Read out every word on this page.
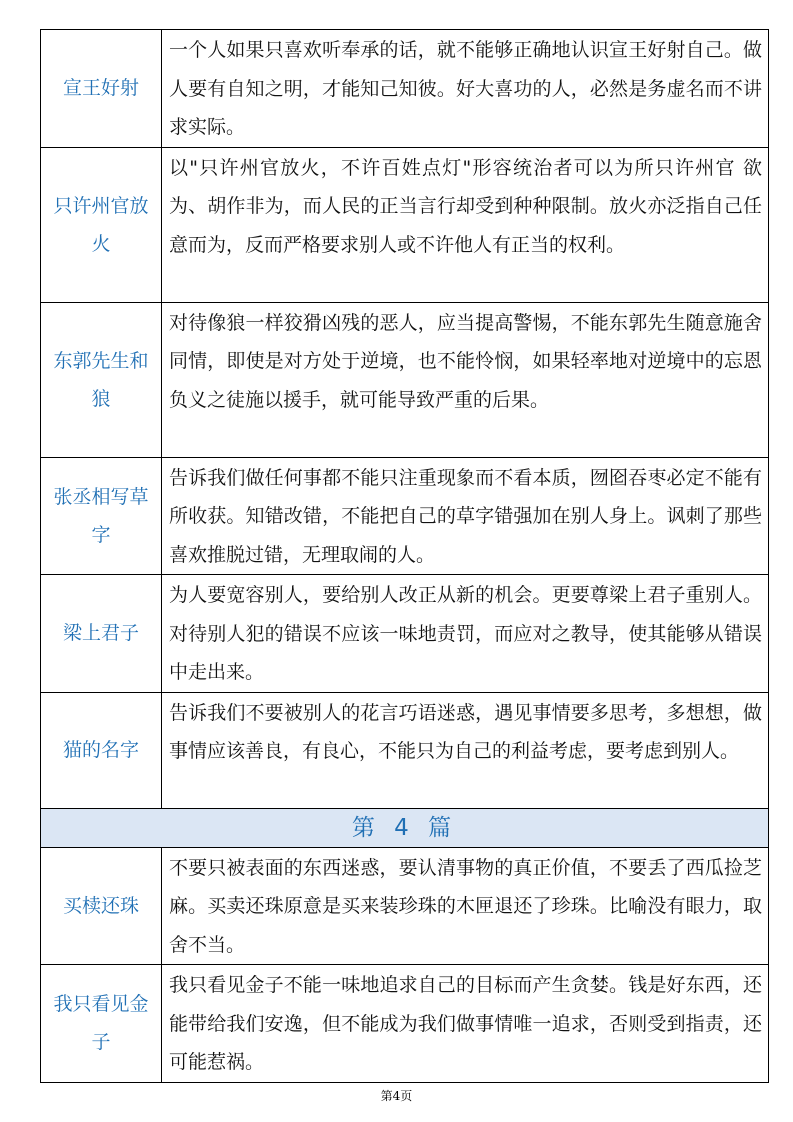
宣王好射	一个人如果只喜欢听奉承的话，就不能够正确地认识宣王好射自己。做人要有自知之明，才能知己知彼。好大喜功的人，必然是务虚名而不讲求实际。
只许州官放火	以"只许州官放火，不许百姓点灯"形容统治者可以为所只许州官 欲为、胡作非为，而人民的正当言行却受到种种限制。放火亦泛指自己任意而为，反而严格要求别人或不许他人有正当的权利。
东郭先生和狼	对待像狼一样狡猾凶残的恶人，应当提高警惕，不能东郭先生随意施舍同情，即使是对方处于逆境，也不能怜悯，如果轻率地对逆境中的忘恩负义之徒施以援手，就可能导致严重的后果。
张丞相写草字	告诉我们做任何事都不能只注重现象而不看本质，囫囵吞枣必定不能有所收获。知错改错，不能把自己的草字错强加在别人身上。讽刺了那些喜欢推脱过错，无理取闹的人。
梁上君子	为人要宽容别人，要给别人改正从新的机会。更要尊梁上君子重别人。对待别人犯的错误不应该一味地责罚，而应对之教导，使其能够从错误中走出来。
猫的名字	告诉我们不要被别人的花言巧语迷惑，遇见事情要多思考，多想想，做事情应该善良，有良心，不能只为自己的利益考虑，要考虑到别人。
第 4 篇	
买椟还珠	不要只被表面的东西迷惑，要认清事物的真正价值，不要丢了西瓜捡芝麻。买卖还珠原意是买来装珍珠的木匣退还了珍珠。比喻没有眼力，取舍不当。
我只看见金子	我只看见金子不能一味地追求自己的目标而产生贪婪。钱是好东西，还能带给我们安逸，但不能成为我们做事情唯一追求，否则受到指责，还可能惹祸。
第4页
